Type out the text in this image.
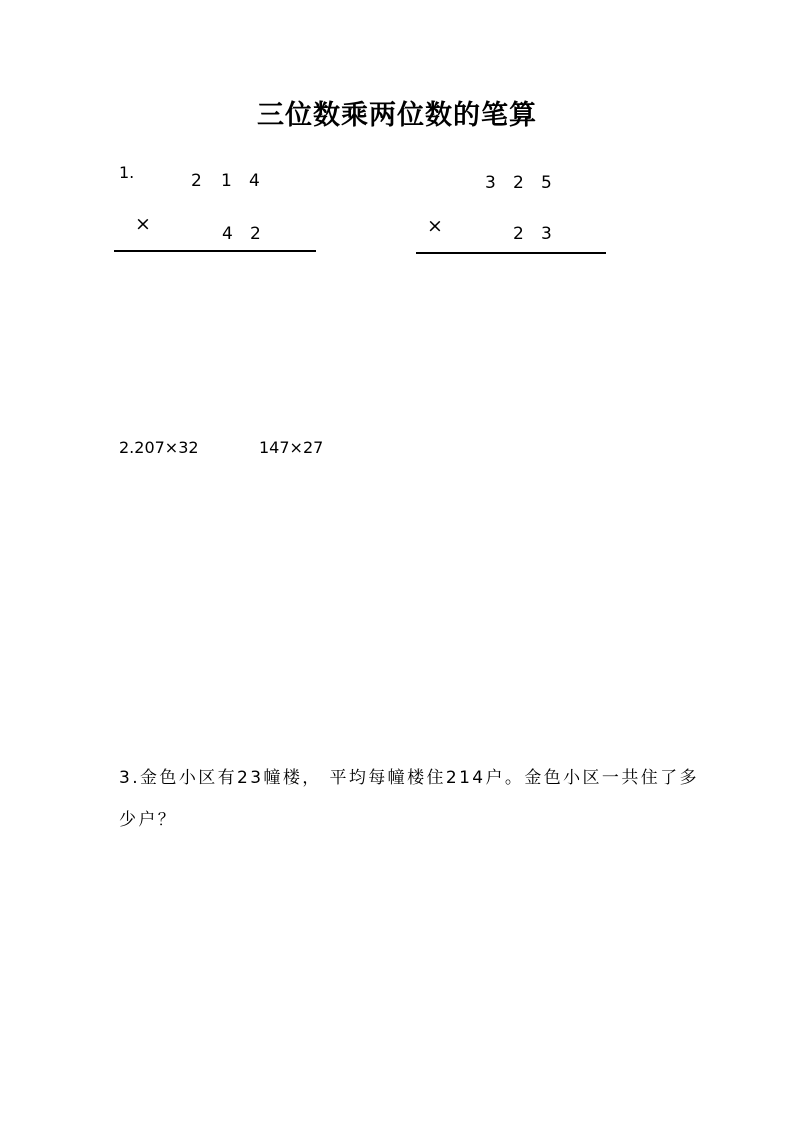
三位数乘两位数的笔算
1.	2 1 4
×	4 2
3 2 5
×	2 3
2.207×32	147×27
3.金色小区有23幢楼， 平均每幢楼住214户。金色小区一共住了多
少户？
